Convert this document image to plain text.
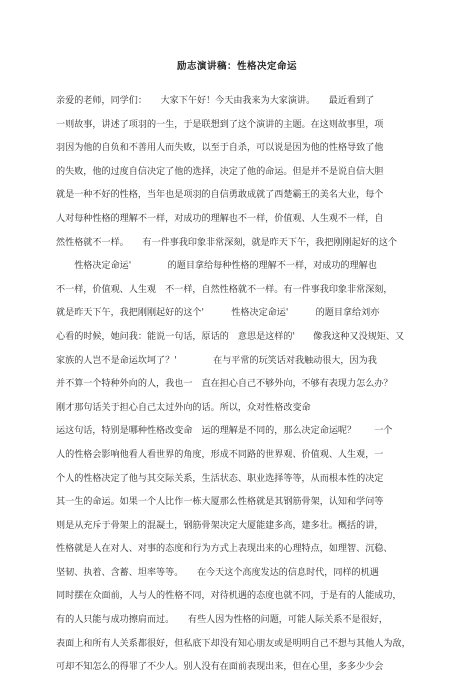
励志演讲稿：性格决定命运
亲爱的老师，同学们：　　大家下午好！今天由我来为大家演讲。　　最近看到了
一则故事，讲述了项羽的一生，于是联想到了这个演讲的主题。在这则故事里，项
羽因为他的自负和不善用人而失败，以至于自杀，可以说是因为他的性格导致了他
的失败，他的过度自信决定了他的选择，决定了他的命运。但是并不是说自信大胆
就是一种不好的性格，当年也是项羽的自信勇敢成就了西楚霸王的美名大业，每个
人对每种性格的理解不一样，对成功的理解也不一样，价值观、人生观不一样，自
然性格就不一样。　　有一件事我印象非常深刻，就是昨天下午，我把刚刚起好的这个
　　性格决定命运'　　　　的题目拿给每种性格的理解不一样，对成功的理解也
不一样，价值观、人生观　不一样，自然性格就不一样。有一件事我印象非常深刻，
就是昨天下午，我把刚刚起好的这个'　　　性格决定命运'　　　的题目拿给刘亦
心看的时候，她问我：能说一句话，原话的　意思是这样的'　　像我这种又没规矩、又
家族的人岂不是命运坎坷了？'　　　　在与平常的玩笑话对我触动很大，因为我
并不算一个特种外向的人，我也一　直在担心自己不够外向，不够有表现力怎么办？
刚才那句话关于担心自己太过外向的话。所以，众对性格改变命
运这句话，特别是哪种性格改变命　运的理解是不同的，那么决定命运呢？　　一个
人的性格会影响他看人看世界的角度，形成不同路的世界观、价值观、人生观，一
个人的性格决定了他与其交际关系，生活状态、职业选择等等，从而根本性的决定
其一生的命运。如果一个人比作一栋大厦那么性格就是其钢筋骨架，认知和学问等
则是从充斥于骨架上的混凝土，钢筋骨架决定大厦能建多高，建多壮。概括的讲，
性格就是人在对人、对事的态度和行为方式上表现出来的心理特点，如理智、沉稳、
坚韧、执着、含蓄、坦率等等。　　在今天这个高度发达的信息时代，同样的机遇
同时摆在众面前，人与人的性格不同，对待机遇的态度也就不同，于是有的人能成功，
有的人只能与成功擦肩而过。　　有些人因为性格的问题，可能人际关系不是很好，
表面上和所有人关系都很好，但私底下却没有知心朋友或是明明自己不想与其他人为敌，
可却不知怎么的得罪了不少人。别人没有在面前表现出来，但在心里，多多少少会
